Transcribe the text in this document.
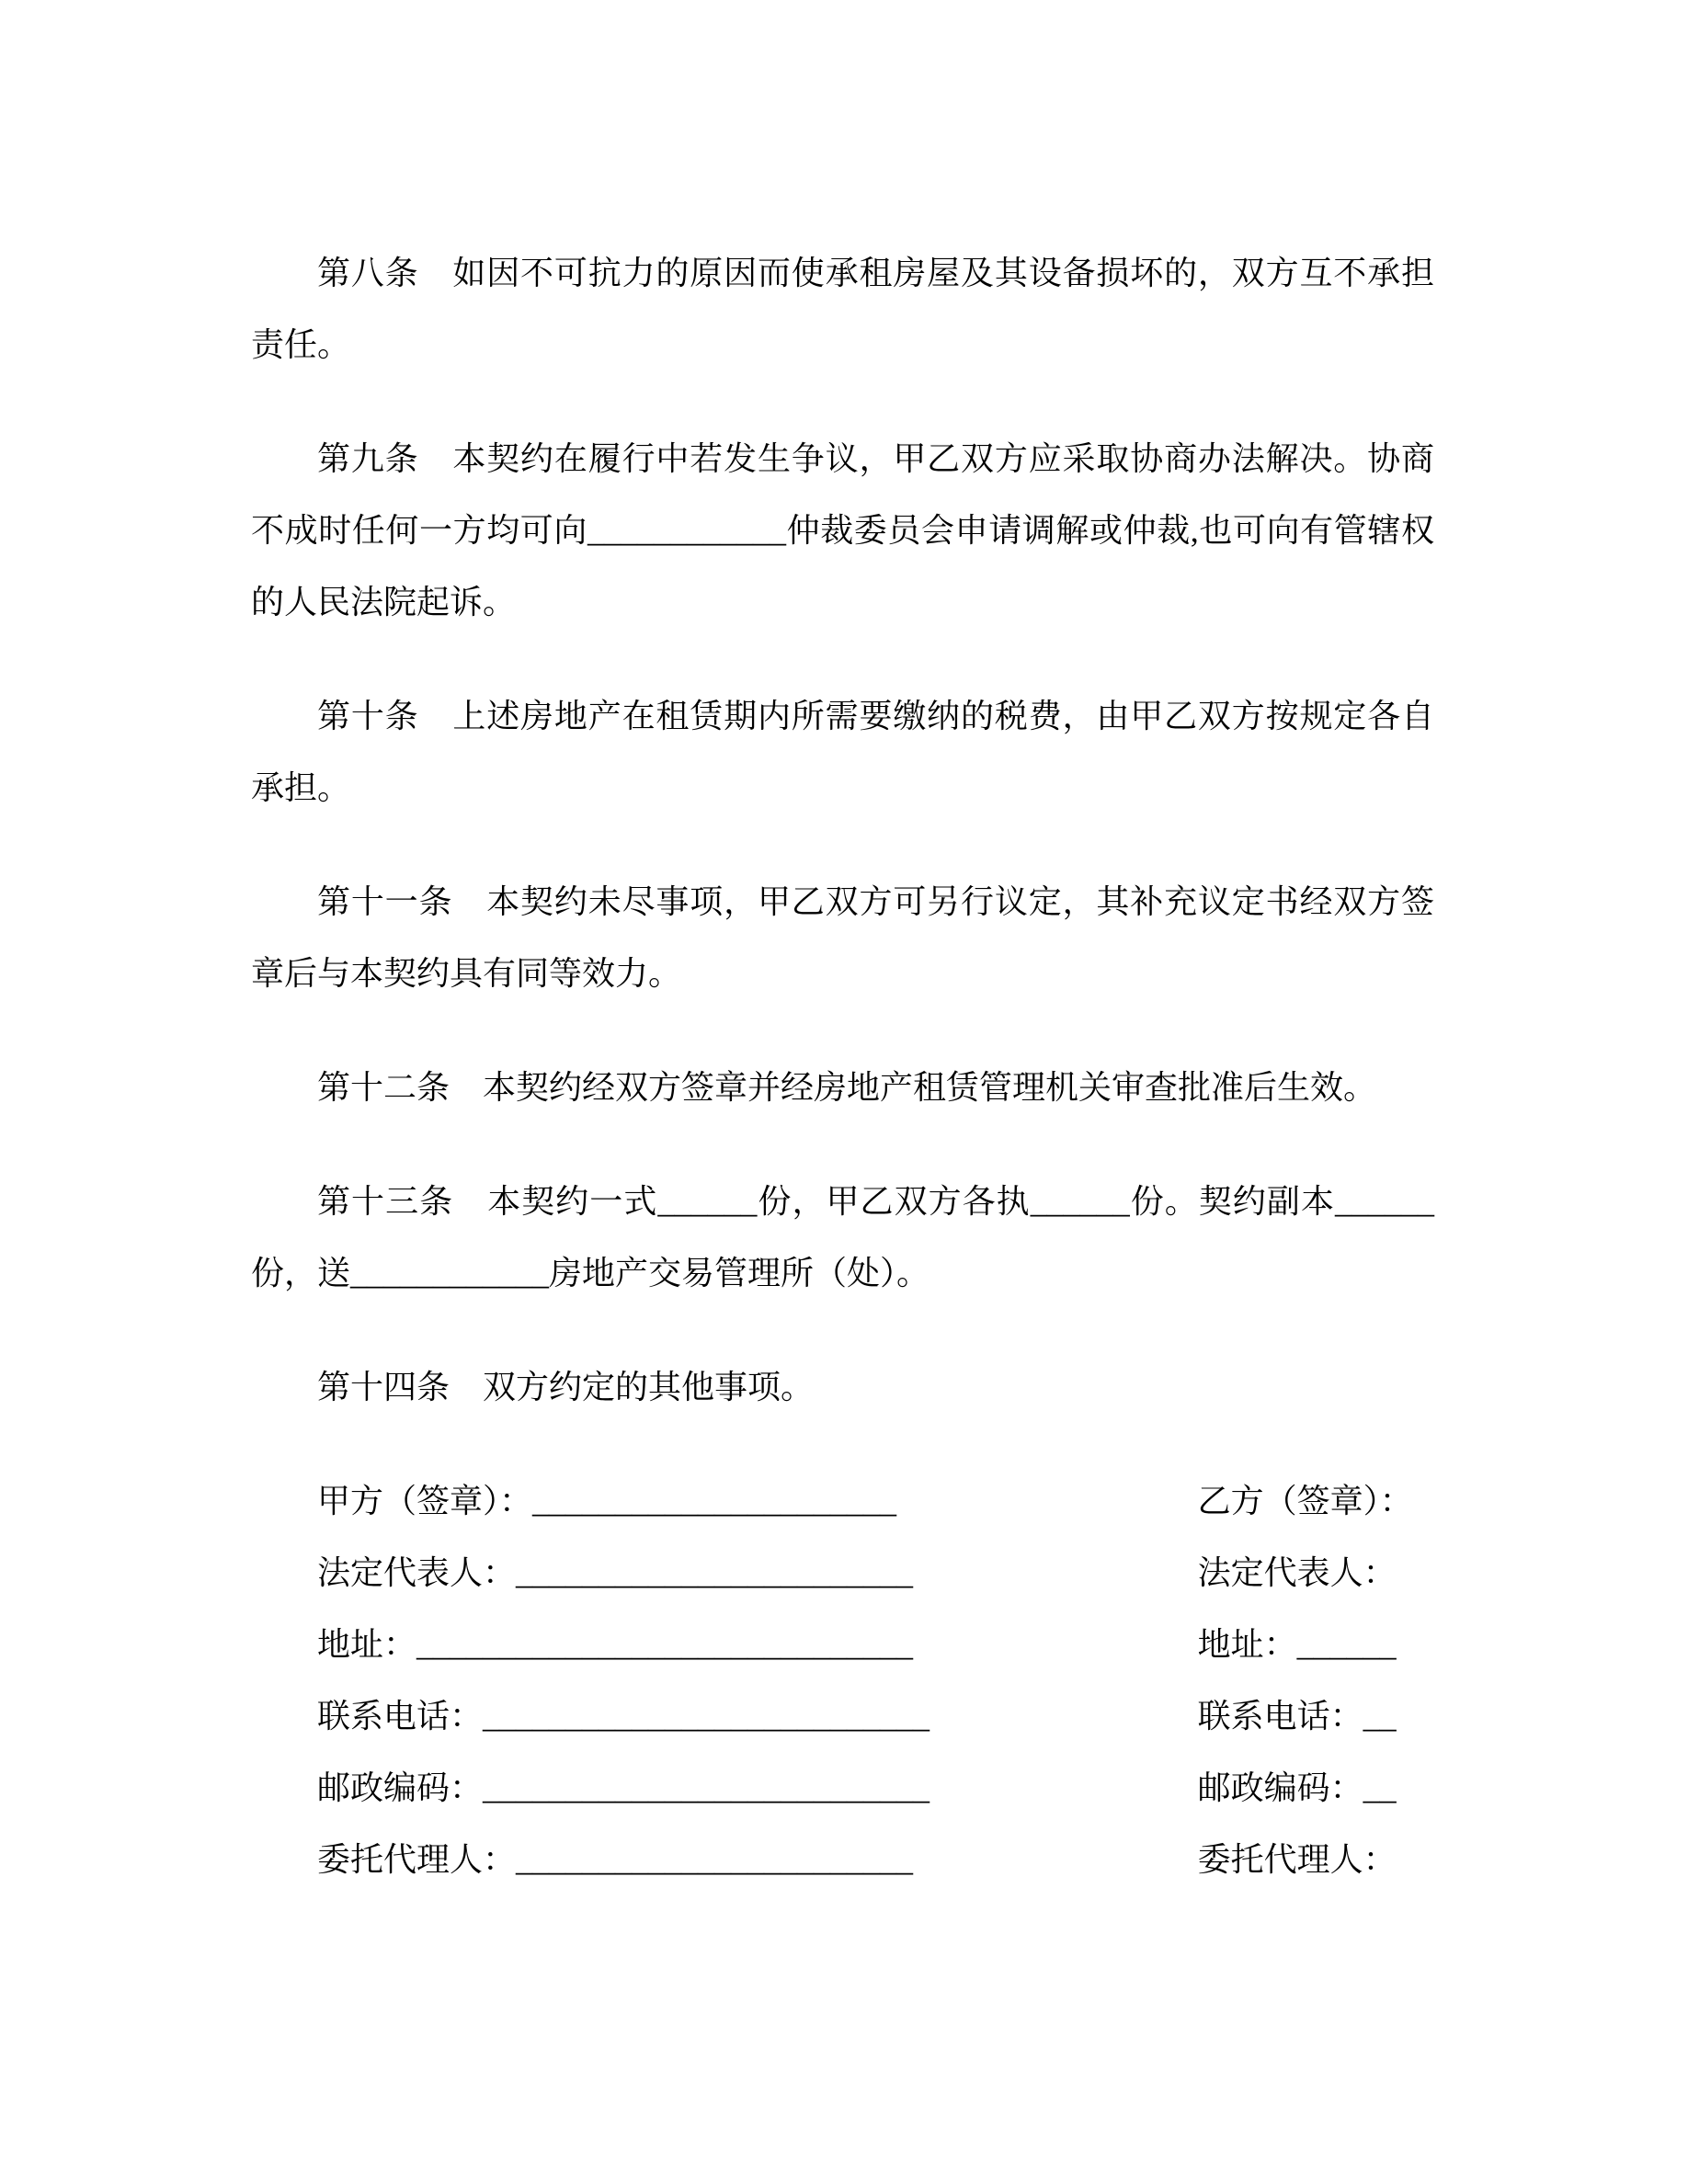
第八条　如因不可抗力的原因而使承租房屋及其设备损坏的，双方互不承担责任。

第九条　本契约在履行中若发生争议，甲乙双方应采取协商办法解决。协商不成时任何一方均可向____________仲裁委员会申请调解或仲裁,也可向有管辖权的人民法院起诉。

第十条　上述房地产在租赁期内所需要缴纳的税费，由甲乙双方按规定各自承担。

第十一条　本契约未尽事项，甲乙双方可另行议定，其补充议定书经双方签章后与本契约具有同等效力。

第十二条　本契约经双方签章并经房地产租赁管理机关审查批准后生效。

第十三条　本契约一式______份，甲乙双方各执______份。契约副本______份，送____________房地产交易管理所（处）。

第十四条　双方约定的其他事项。

甲方（签章）：______________________	乙方（签章）：
法定代表人：________________________	法定代表人：
地址：______________________________	地址：______
联系电话：___________________________	联系电话：__
邮政编码：___________________________	邮政编码：__
委托代理人：________________________	委托代理人：
